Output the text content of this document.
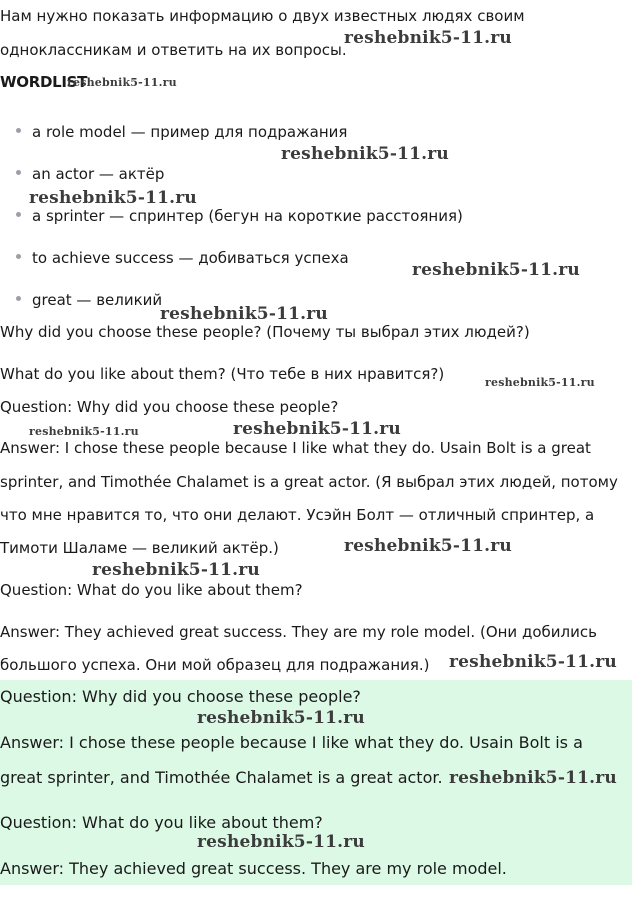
Нам нужно показать информацию о двух известных людях своим
одноклассникам и ответить на их вопросы.
WORDLIST
a role model — пример для подражания
an actor — актёр
a sprinter — спринтер (бегун на короткие расстояния)
to achieve success — добиваться успеха
great — великий
Why did you choose these people? (Почему ты выбрал этих людей?)
What do you like about them? (Что тебе в них нравится?)
Question: Why did you choose these people?
Answer: I chose these people because I like what they do. Usain Bolt is a great
sprinter, and Timothée Chalamet is a great actor. (Я выбрал этих людей, потому
что мне нравится то, что они делают. Усэйн Болт — отличный спринтер, а
Тимоти Шаламе — великий актёр.)
Question: What do you like about them?
Answer: They achieved great success. They are my role model. (Они добились
большого успеха. Они мой образец для подражания.)
Question: Why did you choose these people?
Answer: I chose these people because I like what they do. Usain Bolt is a
great sprinter, and Timothée Chalamet is a great actor.
Question: What do you like about them?
Answer: They achieved great success. They are my role model.
reshebnik5-11.ru
reshebnik5-11.ru
reshebnik5-11.ru
reshebnik5-11.ru
reshebnik5-11.ru
reshebnik5-11.ru
reshebnik5-11.ru
reshebnik5-11.ru	reshebnik5-11.ru
reshebnik5-11.ru
reshebnik5-11.ru
reshebnik5-11.ru
reshebnik5-11.ru
reshebnik5-11.ru
reshebnik5-11.ru
